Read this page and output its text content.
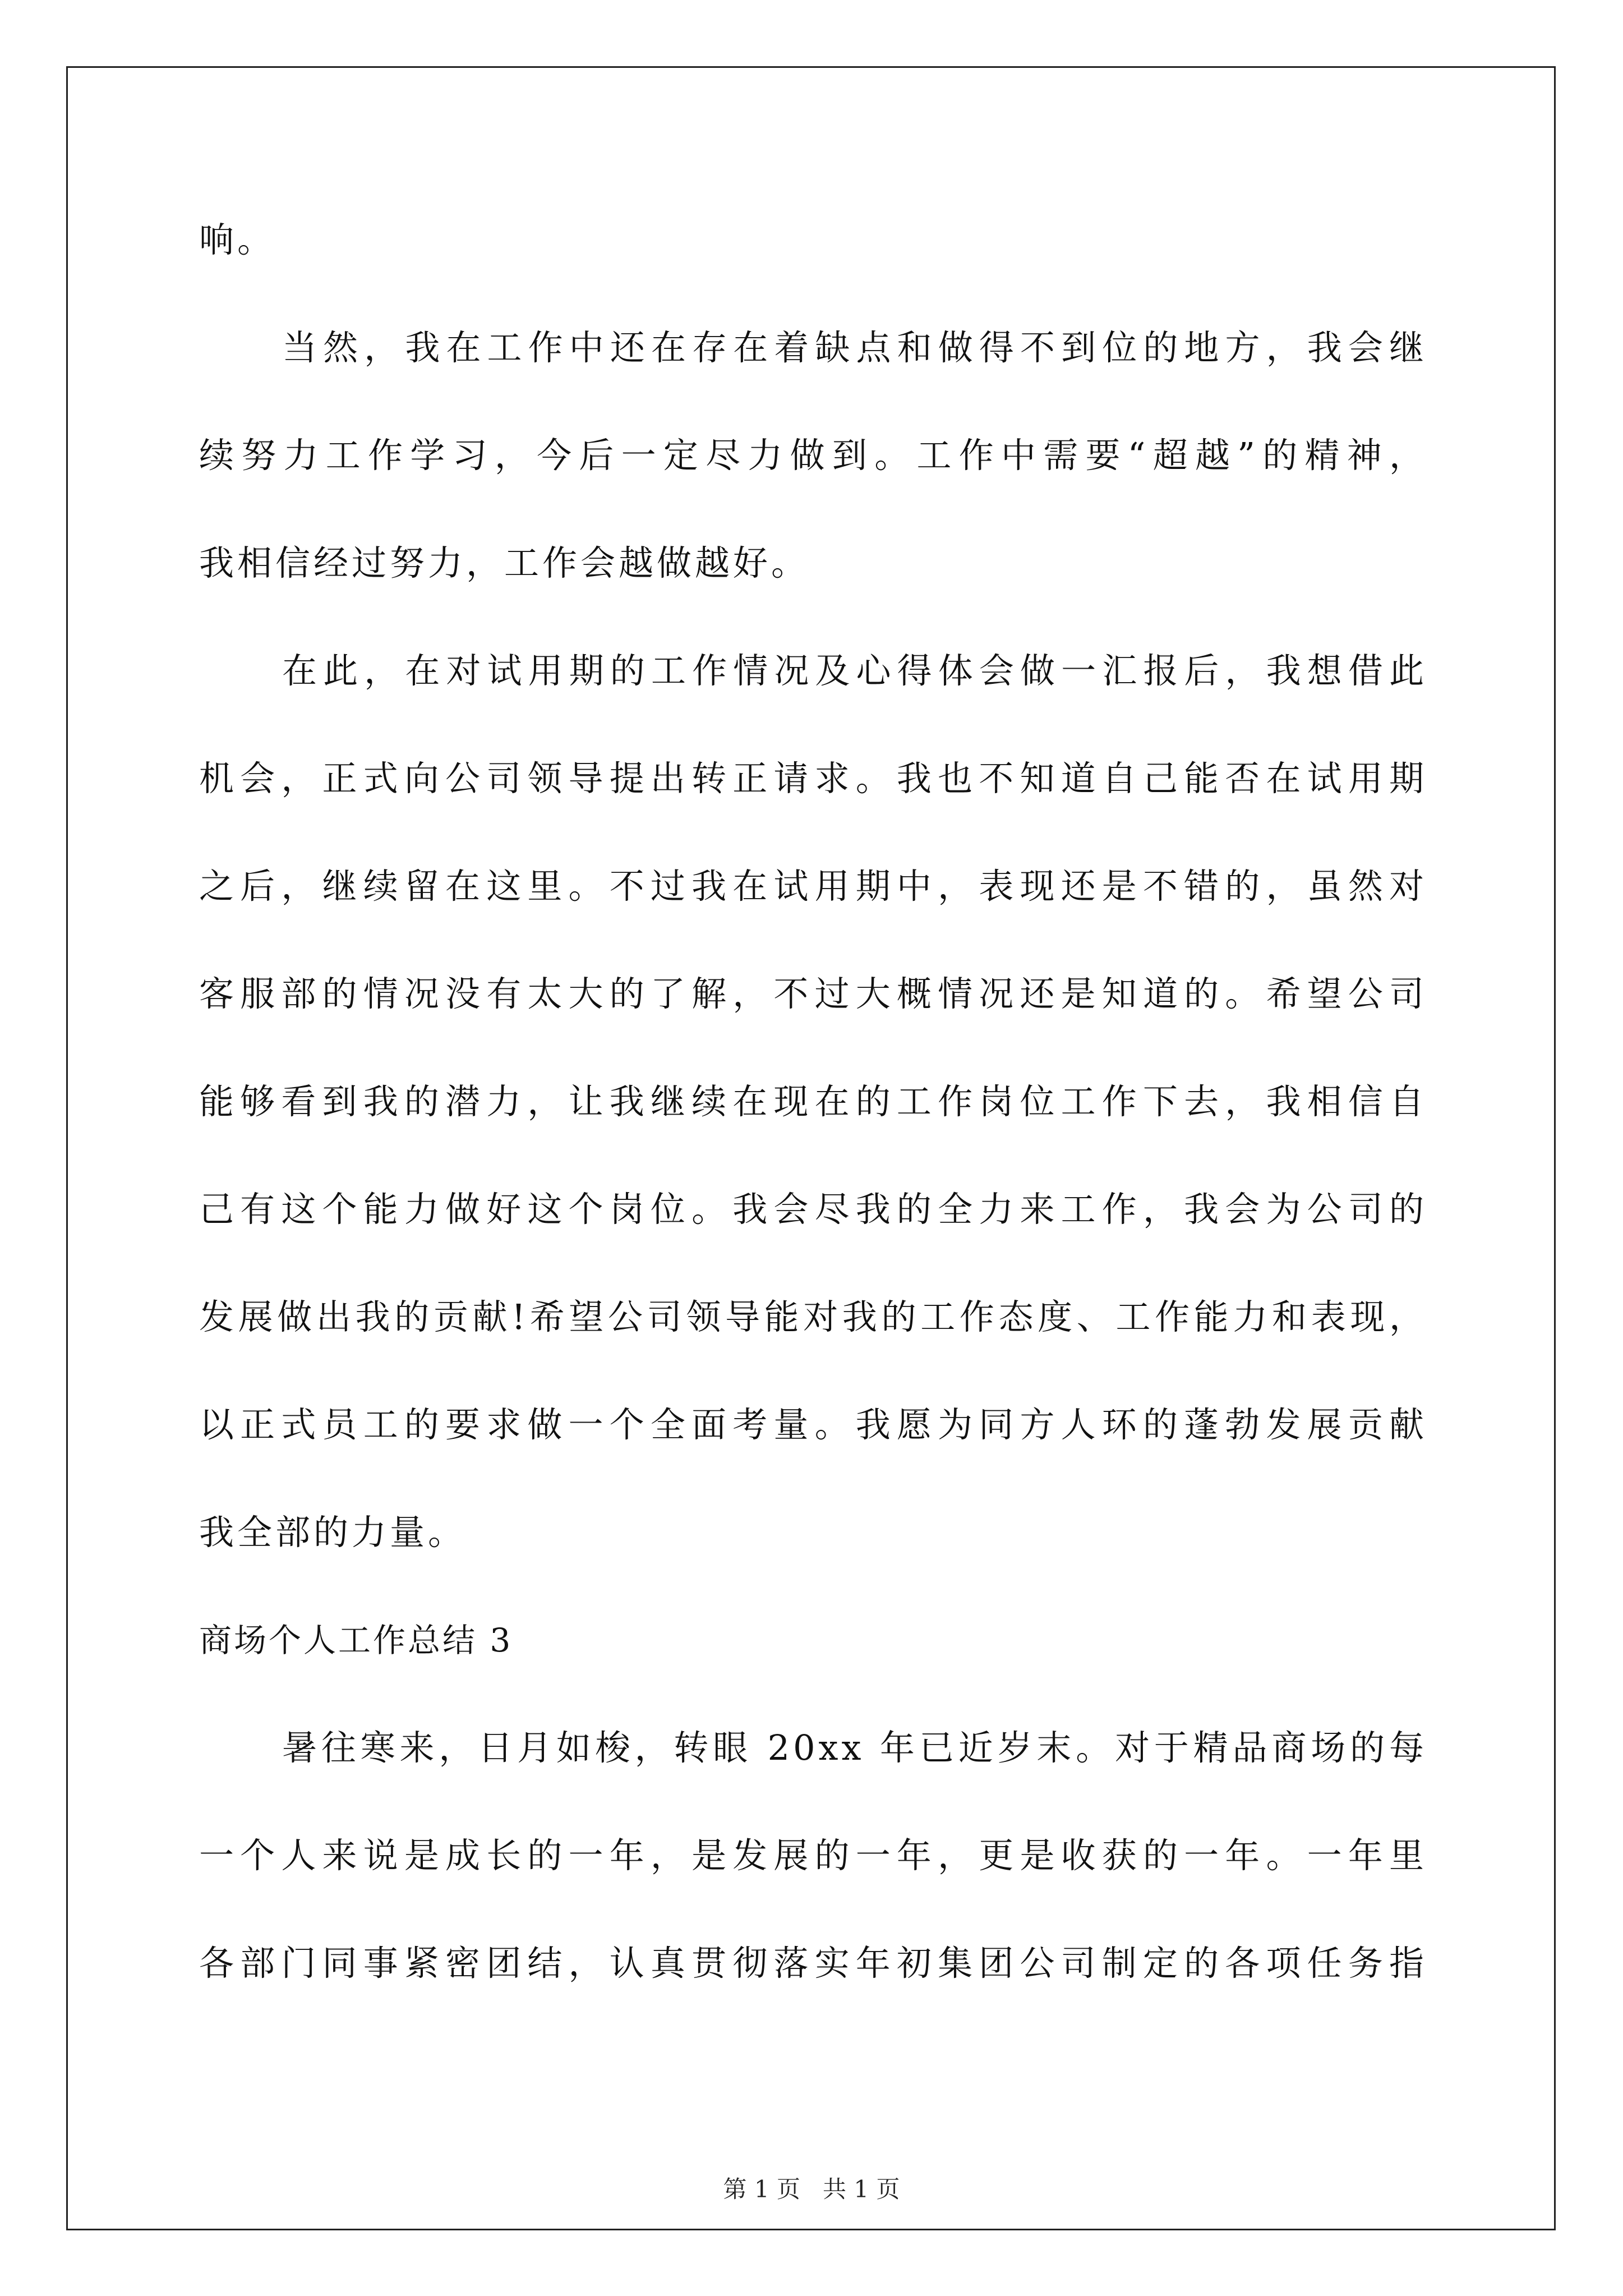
响。
当然，我在工作中还在存在着缺点和做得不到位的地方，我会继
续努力工作学习，今后一定尽力做到。工作中需要“超越”的精神，
我相信经过努力，工作会越做越好。
在此，在对试用期的工作情况及心得体会做一汇报后，我想借此
机会，正式向公司领导提出转正请求。我也不知道自己能否在试用期
之后，继续留在这里。不过我在试用期中，表现还是不错的，虽然对
客服部的情况没有太大的了解，不过大概情况还是知道的。希望公司
能够看到我的潜力，让我继续在现在的工作岗位工作下去，我相信自
己有这个能力做好这个岗位。我会尽我的全力来工作，我会为公司的
发展做出我的贡献!希望公司领导能对我的工作态度、工作能力和表现，
以正式员工的要求做一个全面考量。我愿为同方人环的蓬勃发展贡献
我全部的力量。
商场个人工作总结 3
暑往寒来，日月如梭，转眼 20xx 年已近岁末。对于精品商场的每
一个人来说是成长的一年，是发展的一年，更是收获的一年。一年里
各部门同事紧密团结，认真贯彻落实年初集团公司制定的各项任务指
第 1 页   共 1 页
